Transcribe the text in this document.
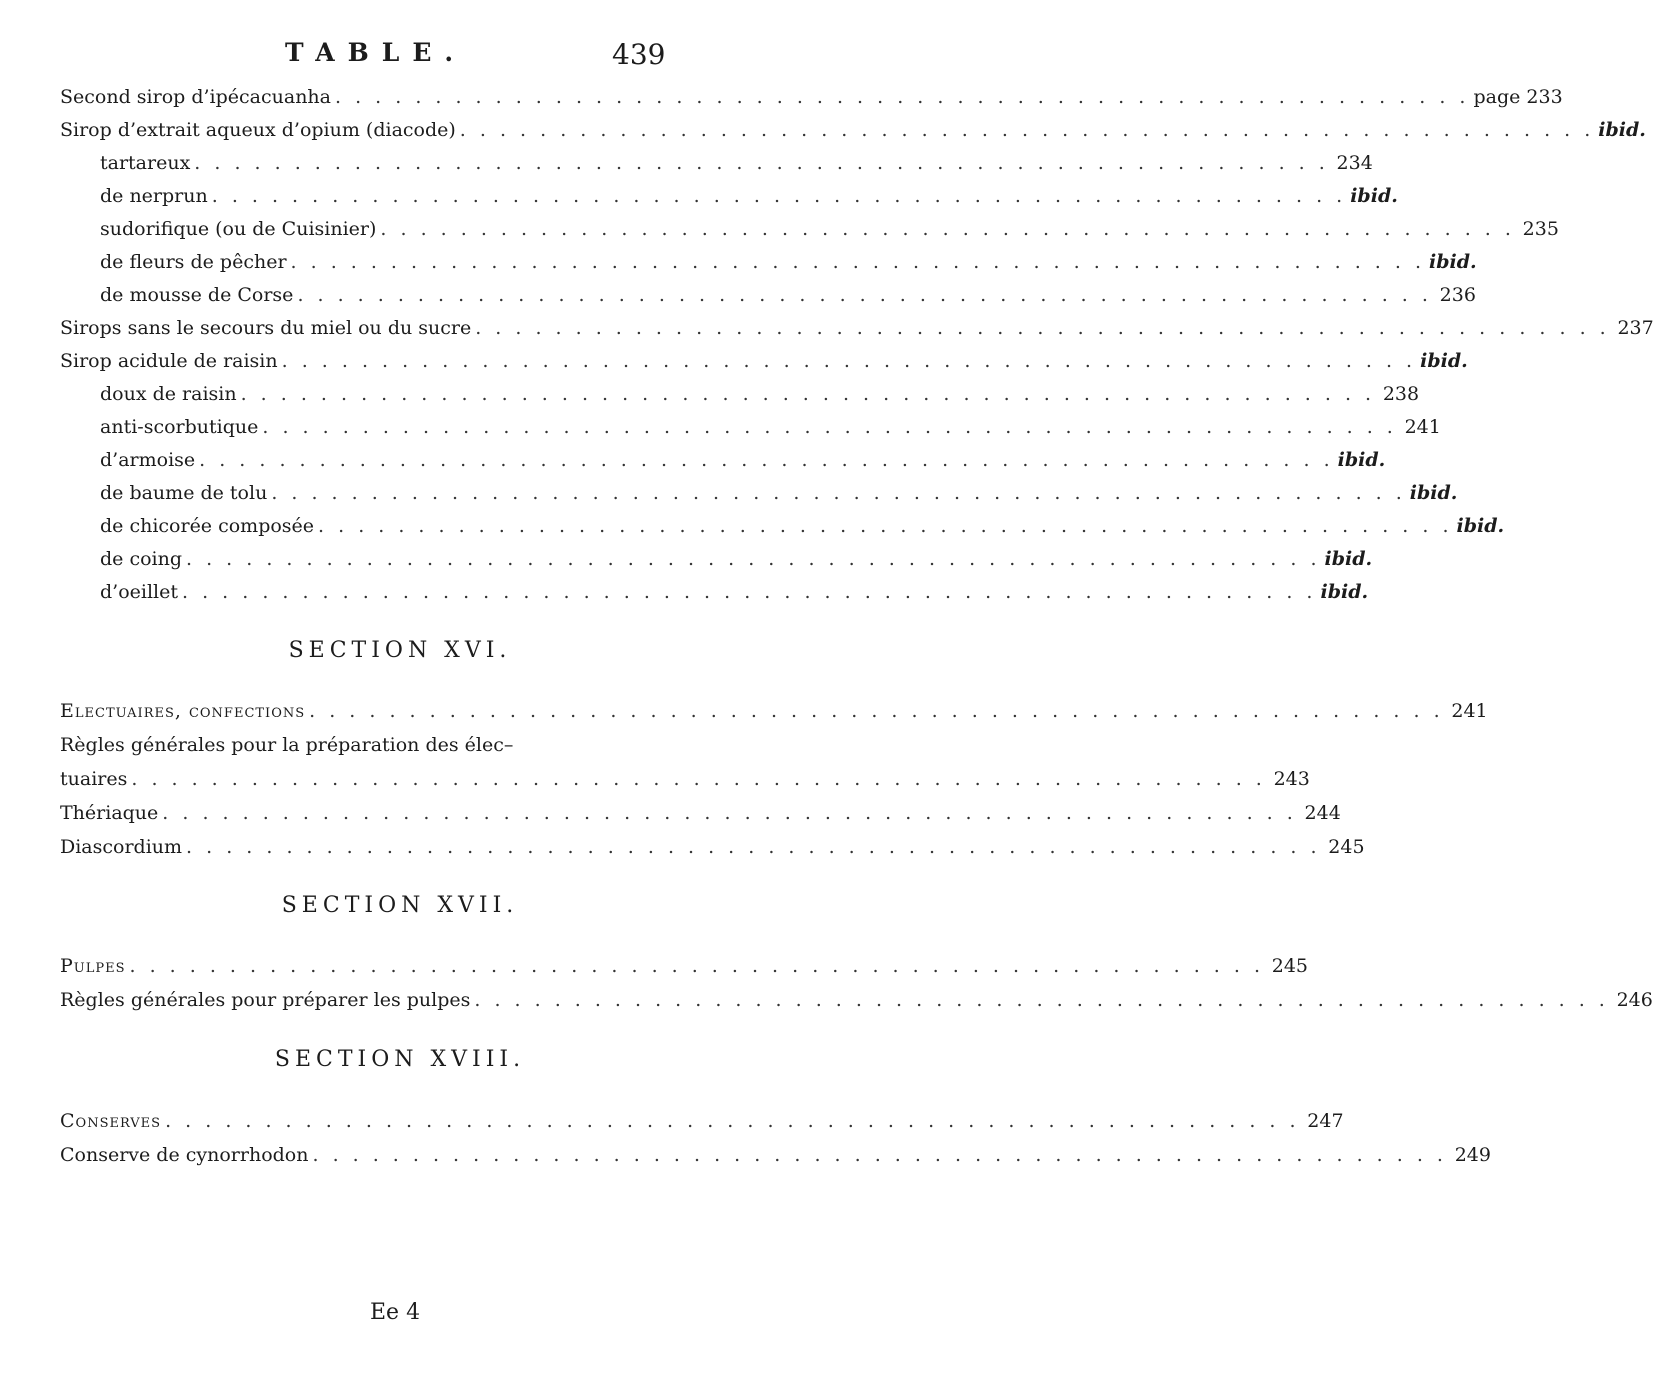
TABLE.	439
Second sirop d’ipécacuanha . . . . . . . . . . . . . . . . . . . . . . . . . . . . . . . . . . . . . . . . . . . . . . . . . . . . . . . . . page 233
Sirop d’extrait aqueux d’opium (diacode) . . . . . . . . . . . . . . . . . . . . . . . . . . . . . . . . . . . . . . . . . . . . . . . . . . . . . . . . . ibid.
tartareux . . . . . . . . . . . . . . . . . . . . . . . . . . . . . . . . . . . . . . . . . . . . . . . . . . . . . . . . . 234
de nerprun . . . . . . . . . . . . . . . . . . . . . . . . . . . . . . . . . . . . . . . . . . . . . . . . . . . . . . . . . ibid.
sudorifique (ou de Cuisinier) . . . . . . . . . . . . . . . . . . . . . . . . . . . . . . . . . . . . . . . . . . . . . . . . . . . . . . . . . 235
de fleurs de pêcher . . . . . . . . . . . . . . . . . . . . . . . . . . . . . . . . . . . . . . . . . . . . . . . . . . . . . . . . . ibid.
de mousse de Corse . . . . . . . . . . . . . . . . . . . . . . . . . . . . . . . . . . . . . . . . . . . . . . . . . . . . . . . . . 236
Sirops sans le secours du miel ou du sucre . . . . . . . . . . . . . . . . . . . . . . . . . . . . . . . . . . . . . . . . . . . . . . . . . . . . . . . . . 237
Sirop acidule de raisin . . . . . . . . . . . . . . . . . . . . . . . . . . . . . . . . . . . . . . . . . . . . . . . . . . . . . . . . . ibid.
doux de raisin . . . . . . . . . . . . . . . . . . . . . . . . . . . . . . . . . . . . . . . . . . . . . . . . . . . . . . . . . 238
anti-scorbutique . . . . . . . . . . . . . . . . . . . . . . . . . . . . . . . . . . . . . . . . . . . . . . . . . . . . . . . . . 241
d’armoise . . . . . . . . . . . . . . . . . . . . . . . . . . . . . . . . . . . . . . . . . . . . . . . . . . . . . . . . . ibid.
de baume de tolu . . . . . . . . . . . . . . . . . . . . . . . . . . . . . . . . . . . . . . . . . . . . . . . . . . . . . . . . . ibid.
de chicorée composée . . . . . . . . . . . . . . . . . . . . . . . . . . . . . . . . . . . . . . . . . . . . . . . . . . . . . . . . . ibid.
de coing . . . . . . . . . . . . . . . . . . . . . . . . . . . . . . . . . . . . . . . . . . . . . . . . . . . . . . . . . ibid.
d’oeillet . . . . . . . . . . . . . . . . . . . . . . . . . . . . . . . . . . . . . . . . . . . . . . . . . . . . . . . . . ibid.
SECTION XVI.
Electuaires, confections . . . . . . . . . . . . . . . . . . . . . . . . . . . . . . . . . . . . . . . . . . . . . . . . . . . . . . . . . 241
Règles générales pour la préparation des élec–
tuaires . . . . . . . . . . . . . . . . . . . . . . . . . . . . . . . . . . . . . . . . . . . . . . . . . . . . . . . . . 243
Thériaque . . . . . . . . . . . . . . . . . . . . . . . . . . . . . . . . . . . . . . . . . . . . . . . . . . . . . . . . . 244
Diascordium . . . . . . . . . . . . . . . . . . . . . . . . . . . . . . . . . . . . . . . . . . . . . . . . . . . . . . . . . 245
SECTION XVII.
Pulpes . . . . . . . . . . . . . . . . . . . . . . . . . . . . . . . . . . . . . . . . . . . . . . . . . . . . . . . . . 245
Règles générales pour préparer les pulpes . . . . . . . . . . . . . . . . . . . . . . . . . . . . . . . . . . . . . . . . . . . . . . . . . . . . . . . . . 246
SECTION XVIII.
Conserves . . . . . . . . . . . . . . . . . . . . . . . . . . . . . . . . . . . . . . . . . . . . . . . . . . . . . . . . . 247
Conserve de cynorrhodon . . . . . . . . . . . . . . . . . . . . . . . . . . . . . . . . . . . . . . . . . . . . . . . . . . . . . . . . . 249
Ee 4
